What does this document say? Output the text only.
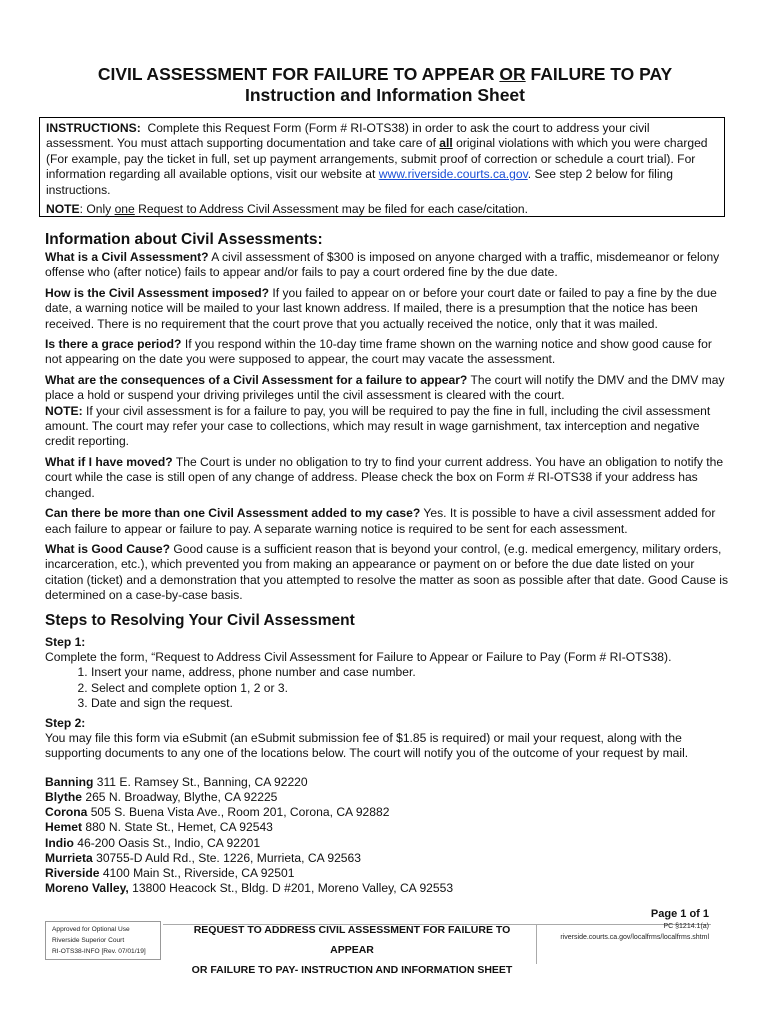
CIVIL ASSESSMENT FOR FAILURE TO APPEAR OR FAILURE TO PAY
Instruction and Information Sheet

INSTRUCTIONS: Complete this Request Form (Form # RI-OTS38) in order to ask the court to address your civil assessment. You must attach supporting documentation and take care of all original violations with which you were charged (For example, pay the ticket in full, set up payment arrangements, submit proof of correction or schedule a court trial). For information regarding all available options, visit our website at www.riverside.courts.ca.gov. See step 2 below for filing instructions.

NOTE: Only one Request to Address Civil Assessment may be filed for each case/citation.

Information about Civil Assessments:

What is a Civil Assessment? A civil assessment of $300 is imposed on anyone charged with a traffic, misdemeanor or felony offense who (after notice) fails to appear and/or fails to pay a court ordered fine by the due date.

How is the Civil Assessment imposed? If you failed to appear on or before your court date or failed to pay a fine by the due date, a warning notice will be mailed to your last known address. If mailed, there is a presumption that the notice has been received. There is no requirement that the court prove that you actually received the notice, only that it was mailed.

Is there a grace period? If you respond within the 10-day time frame shown on the warning notice and show good cause for not appearing on the date you were supposed to appear, the court may vacate the assessment.

What are the consequences of a Civil Assessment for a failure to appear? The court will notify the DMV and the DMV may place a hold or suspend your driving privileges until the civil assessment is cleared with the court.

NOTE: If your civil assessment is for a failure to pay, you will be required to pay the fine in full, including the civil assessment amount. The court may refer your case to collections, which may result in wage garnishment, tax interception and negative credit reporting.

What if I have moved? The Court is under no obligation to try to find your current address. You have an obligation to notify the court while the case is still open of any change of address. Please check the box on Form # RI-OTS38 if your address has changed.

Can there be more than one Civil Assessment added to my case? Yes. It is possible to have a civil assessment added for each failure to appear or failure to pay. A separate warning notice is required to be sent for each assessment.

What is Good Cause? Good cause is a sufficient reason that is beyond your control, (e.g. medical emergency, military orders, incarceration, etc.), which prevented you from making an appearance or payment on or before the due date listed on your citation (ticket) and a demonstration that you attempted to resolve the matter as soon as possible after that date. Good Cause is determined on a case-by-case basis.

Steps to Resolving Your Civil Assessment

Step 1:

Complete the form, “Request to Address Civil Assessment for Failure to Appear or Failure to Pay (Form # RI-OTS38).

1. Insert your name, address, phone number and case number.
2. Select and complete option 1, 2 or 3.
3. Date and sign the request.

Step 2:

You may file this form via eSubmit (an eSubmit submission fee of $1.85 is required) or mail your request, along with the supporting documents to any one of the locations below. The court will notify you of the outcome of your request by mail.

Banning 311 E. Ramsey St., Banning, CA 92220
Blythe 265 N. Broadway, Blythe, CA 92225
Corona 505 S. Buena Vista Ave., Room 201, Corona, CA 92882
Hemet 880 N. State St., Hemet, CA 92543
Indio 46-200 Oasis St., Indio, CA 92201
Murrieta 30755-D Auld Rd., Ste. 1226, Murrieta, CA 92563
Riverside 4100 Main St., Riverside, CA 92501
Moreno Valley, 13800 Heacock St., Bldg. D #201, Moreno Valley, CA 92553
Page 1 of 1
Approved for Optional Use
Riverside Superior Court
RI-OTS38-INFO [Rev. 07/01/19]
REQUEST TO ADDRESS CIVIL ASSESSMENT FOR FAILURE TO APPEAR
OR FAILURE TO PAY- INSTRUCTION AND INFORMATION SHEET
PC §1214.1(a)
riverside.courts.ca.gov/localfrms/localfrms.shtml
